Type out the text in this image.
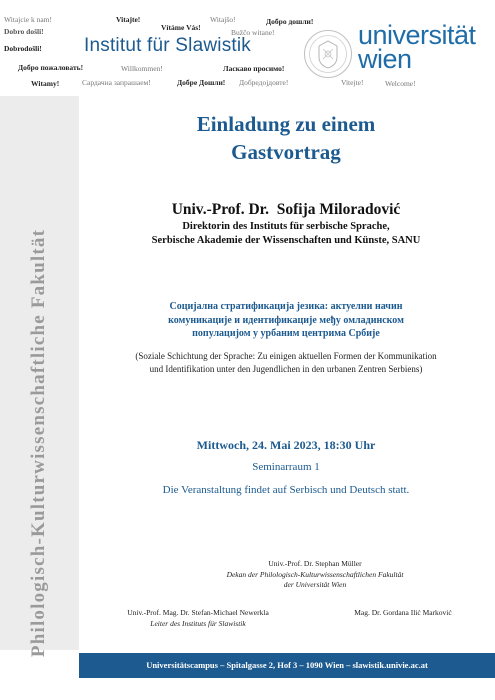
Witajcie k nam!
Dobro došli!
Vitajte!
Vítáme Vás!
Witajšo!	Добро дошли!
Bužčo witane!
Dobrodošli!
Добро пожаловать!	Willkommen!	Ласкаво просимо!
Witamy!	Сардачна запрашаем!	Добре Дошли! Добредојдовте!	Vitejte!	Welcome!
Institut für Slawistik	universität
wien
Philologisch-Kulturwissenschaftliche Fakultät
Einladung zu einem
Gastvortrag
Univ.-Prof. Dr.  Sofija Miloradović
Direktorin des Instituts für serbische Sprache,
Serbische Akademie der Wissenschaften und Künste, SANU
Социјална стратификација језика: актуелни начин
комуникације и идентификације међу омладинском
популацијом у урбаним центрима Србије
(Soziale Schichtung der Sprache: Zu einigen aktuellen Formen der Kommunikation
und Identifikation unter den Jugendlichen in den urbanen Zentren Serbiens)
Mittwoch, 24. Mai 2023, 18:30 Uhr
Seminarraum 1
Die Veranstaltung findet auf Serbisch und Deutsch statt.
Univ.-Prof. Dr. Stephan Müller
Dekan der Philologisch-Kulturwissenschaftlichen Fakultät
der Universität Wien
Univ.-Prof. Mag. Dr. Stefan-Michael Newerkla
Leiter des Instituts für Slawistik
Mag. Dr. Gordana Ilić Marković
Universitätscampus – Spitalgasse 2, Hof 3 – 1090 Wien – slawistik.univie.ac.at
